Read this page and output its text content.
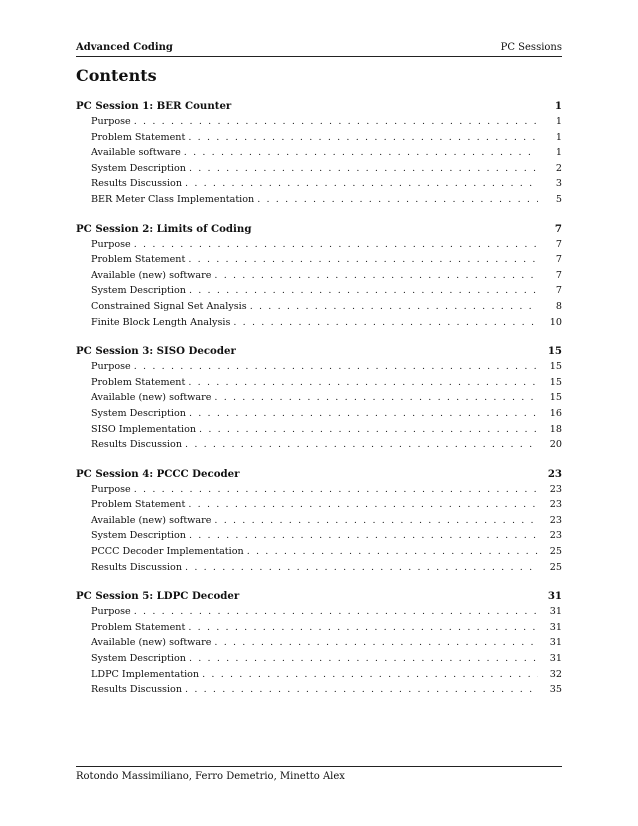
Advanced Coding	PC Sessions
Contents
PC Session 1: BER Counter	1
Purpose . . .	1
Problem Statement . . .	1
Available software . . .	1
System Description . . .	2
Results Discussion . . .	3
BER Meter Class Implementation . . .	5
PC Session 2: Limits of Coding	7
Purpose . . .	7
Problem Statement . . .	7
Available (new) software . . .	7
System Description . . .	7
Constrained Signal Set Analysis . . .	8
Finite Block Length Analysis . . .	10
PC Session 3: SISO Decoder	15
Purpose . . .	15
Problem Statement . . .	15
Available (new) software . . .	15
System Description . . .	16
SISO Implementation . . .	18
Results Discussion . . .	20
PC Session 4: PCCC Decoder	23
Purpose . . .	23
Problem Statement . . .	23
Available (new) software . . .	23
System Description . . .	23
PCCC Decoder Implementation . . .	25
Results Discussion . . .	25
PC Session 5: LDPC Decoder	31
Purpose . . .	31
Problem Statement . . .	31
Available (new) software . . .	31
System Description . . .	31
LDPC Implementation . . .	32
Results Discussion . . .	35
Rotondo Massimiliano, Ferro Demetrio, Minetto Alex
